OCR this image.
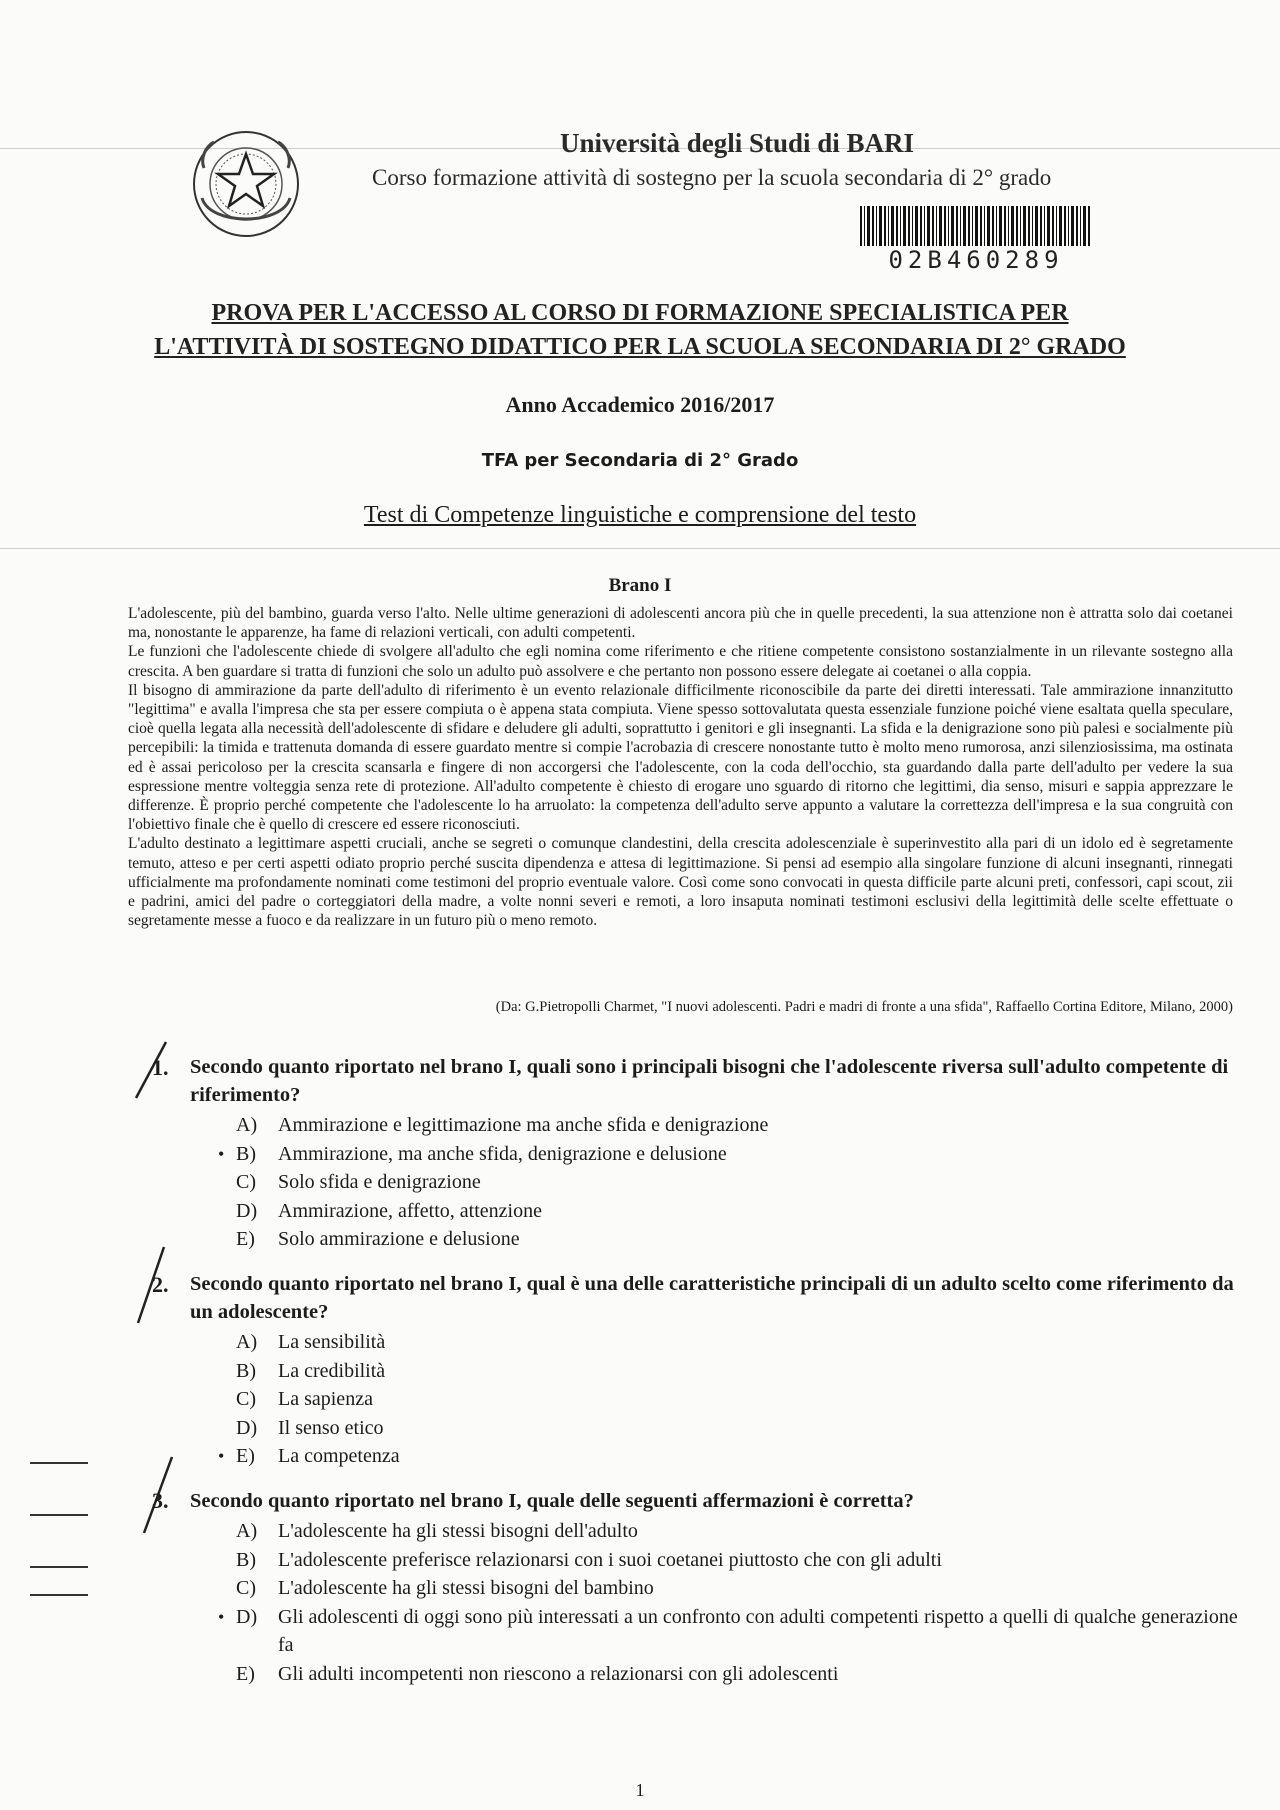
Università degli Studi di BARI
Corso formazione attività di sostegno per la scuola secondaria di 2° grado
02B460289
PROVA PER L'ACCESSO AL CORSO DI FORMAZIONE SPECIALISTICA PER
L'ATTIVITÀ DI SOSTEGNO DIDATTICO PER LA SCUOLA SECONDARIA DI 2° GRADO
Anno Accademico 2016/2017
TFA per Secondaria di 2° Grado
Test di Competenze linguistiche e comprensione del testo
Brano I

L'adolescente, più del bambino, guarda verso l'alto. Nelle ultime generazioni di adolescenti ancora più che in quelle precedenti, la sua attenzione non è attratta solo dai coetanei ma, nonostante le apparenze, ha fame di relazioni verticali, con adulti competenti.

Le funzioni che l'adolescente chiede di svolgere all'adulto che egli nomina come riferimento e che ritiene competente consistono sostanzialmente in un rilevante sostegno alla crescita. A ben guardare si tratta di funzioni che solo un adulto può assolvere e che pertanto non possono essere delegate ai coetanei o alla coppia.

Il bisogno di ammirazione da parte dell'adulto di riferimento è un evento relazionale difficilmente riconoscibile da parte dei diretti interessati. Tale ammirazione innanzitutto "legittima" e avalla l'impresa che sta per essere compiuta o è appena stata compiuta. Viene spesso sottovalutata questa essenziale funzione poiché viene esaltata quella speculare, cioè quella legata alla necessità dell'adolescente di sfidare e deludere gli adulti, soprattutto i genitori e gli insegnanti. La sfida e la denigrazione sono più palesi e socialmente più percepibili: la timida e trattenuta domanda di essere guardato mentre si compie l'acrobazia di crescere nonostante tutto è molto meno rumorosa, anzi silenziosissima, ma ostinata ed è assai pericoloso per la crescita scansarla e fingere di non accorgersi che l'adolescente, con la coda dell'occhio, sta guardando dalla parte dell'adulto per vedere la sua espressione mentre volteggia senza rete di protezione. All'adulto competente è chiesto di erogare uno sguardo di ritorno che legittimi, dia senso, misuri e sappia apprezzare le differenze. È proprio perché competente che l'adolescente lo ha arruolato: la competenza dell'adulto serve appunto a valutare la correttezza dell'impresa e la sua congruità con l'obiettivo finale che è quello di crescere ed essere riconosciuti.

L'adulto destinato a legittimare aspetti cruciali, anche se segreti o comunque clandestini, della crescita adolescenziale è superinvestito alla pari di un idolo ed è segretamente temuto, atteso e per certi aspetti odiato proprio perché suscita dipendenza e attesa di legittimazione. Si pensi ad esempio alla singolare funzione di alcuni insegnanti, rinnegati ufficialmente ma profondamente nominati come testimoni del proprio eventuale valore. Così come sono convocati in questa difficile parte alcuni preti, confessori, capi scout, zii e padrini, amici del padre o corteggiatori della madre, a volte nonni severi e remoti, a loro insaputa nominati testimoni esclusivi della legittimità delle scelte effettuate o segretamente messe a fuoco e da realizzare in un futuro più o meno remoto.

(Da: G.Pietropolli Charmet, "I nuovi adolescenti. Padri e madri di fronte a una sfida", Raffaello Cortina Editore, Milano, 2000)
1. Secondo quanto riportato nel brano I, quali sono i principali bisogni che l'adolescente riversa sull'adulto competente di riferimento?
A) Ammirazione e legittimazione ma anche sfida e denigrazione
• B) Ammirazione, ma anche sfida, denigrazione e delusione
C) Solo sfida e denigrazione
D) Ammirazione, affetto, attenzione
E) Solo ammirazione e delusione
2. Secondo quanto riportato nel brano I, qual è una delle caratteristiche principali di un adulto scelto come riferimento da un adolescente?
A) La sensibilità
B) La credibilità
C) La sapienza
D) Il senso etico
• E) La competenza
3. Secondo quanto riportato nel brano I, quale delle seguenti affermazioni è corretta?
A) L'adolescente ha gli stessi bisogni dell'adulto
B) L'adolescente preferisce relazionarsi con i suoi coetanei piuttosto che con gli adulti
C) L'adolescente ha gli stessi bisogni del bambino
• D) Gli adolescenti di oggi sono più interessati a un confronto con adulti competenti rispetto a quelli di qualche generazione fa
E) Gli adulti incompetenti non riescono a relazionarsi con gli adolescenti
1
